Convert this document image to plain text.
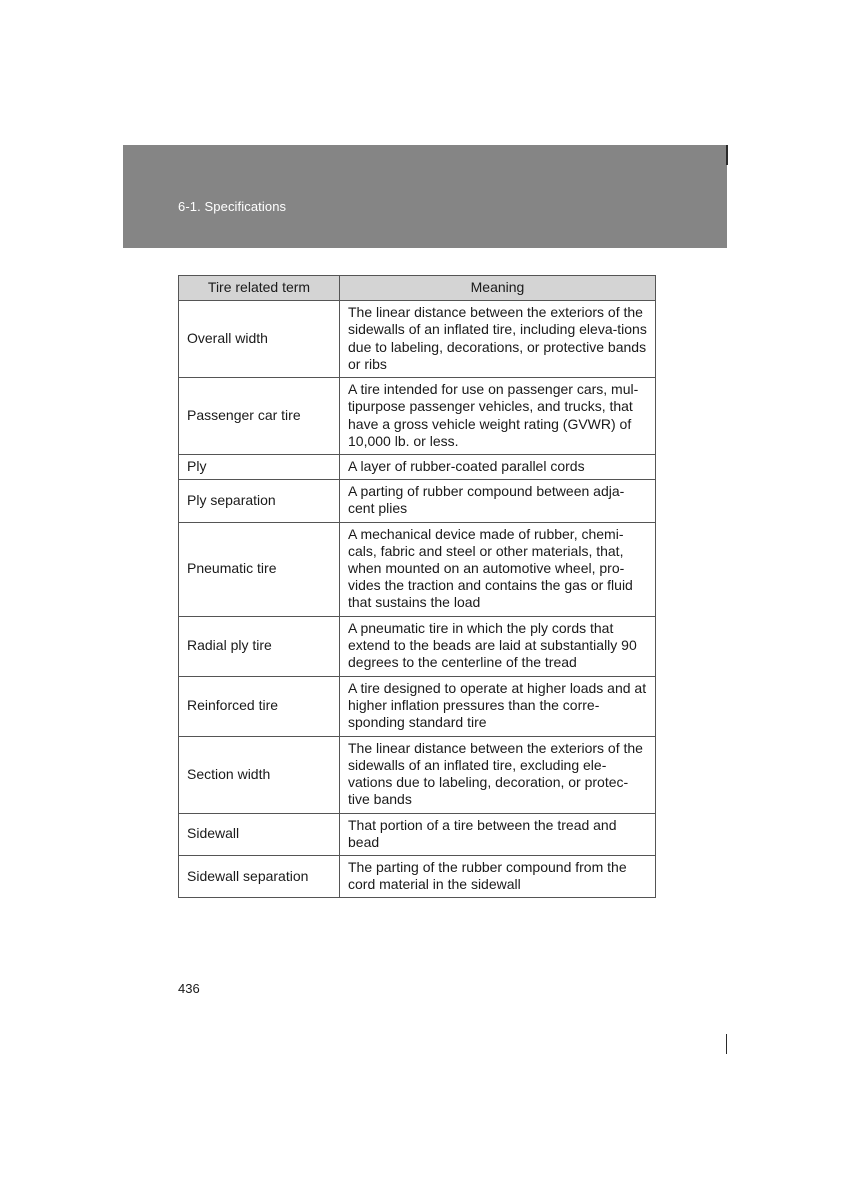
6-1. Specifications
Tire related term	Meaning
Overall width	The linear distance between the exteriors of the sidewalls of an inflated tire, including eleva-tions due to labeling, decorations, or protective bands or ribs
Passenger car tire	A tire intended for use on passenger cars, mul-tipurpose passenger vehicles, and trucks, that have a gross vehicle weight rating (GVWR) of 10,000 lb. or less.
Ply	A layer of rubber-coated parallel cords
Ply separation	A parting of rubber compound between adja-cent plies
Pneumatic tire	A mechanical device made of rubber, chemi-cals, fabric and steel or other materials, that, when mounted on an automotive wheel, pro-vides the traction and contains the gas or fluid that sustains the load
Radial ply tire	A pneumatic tire in which the ply cords that extend to the beads are laid at substantially 90 degrees to the centerline of the tread
Reinforced tire	A tire designed to operate at higher loads and at higher inflation pressures than the corre-sponding standard tire
Section width	The linear distance between the exteriors of the sidewalls of an inflated tire, excluding ele-vations due to labeling, decoration, or protec-tive bands
Sidewall	That portion of a tire between the tread and bead
Sidewall separation	The parting of the rubber compound from the cord material in the sidewall
436
